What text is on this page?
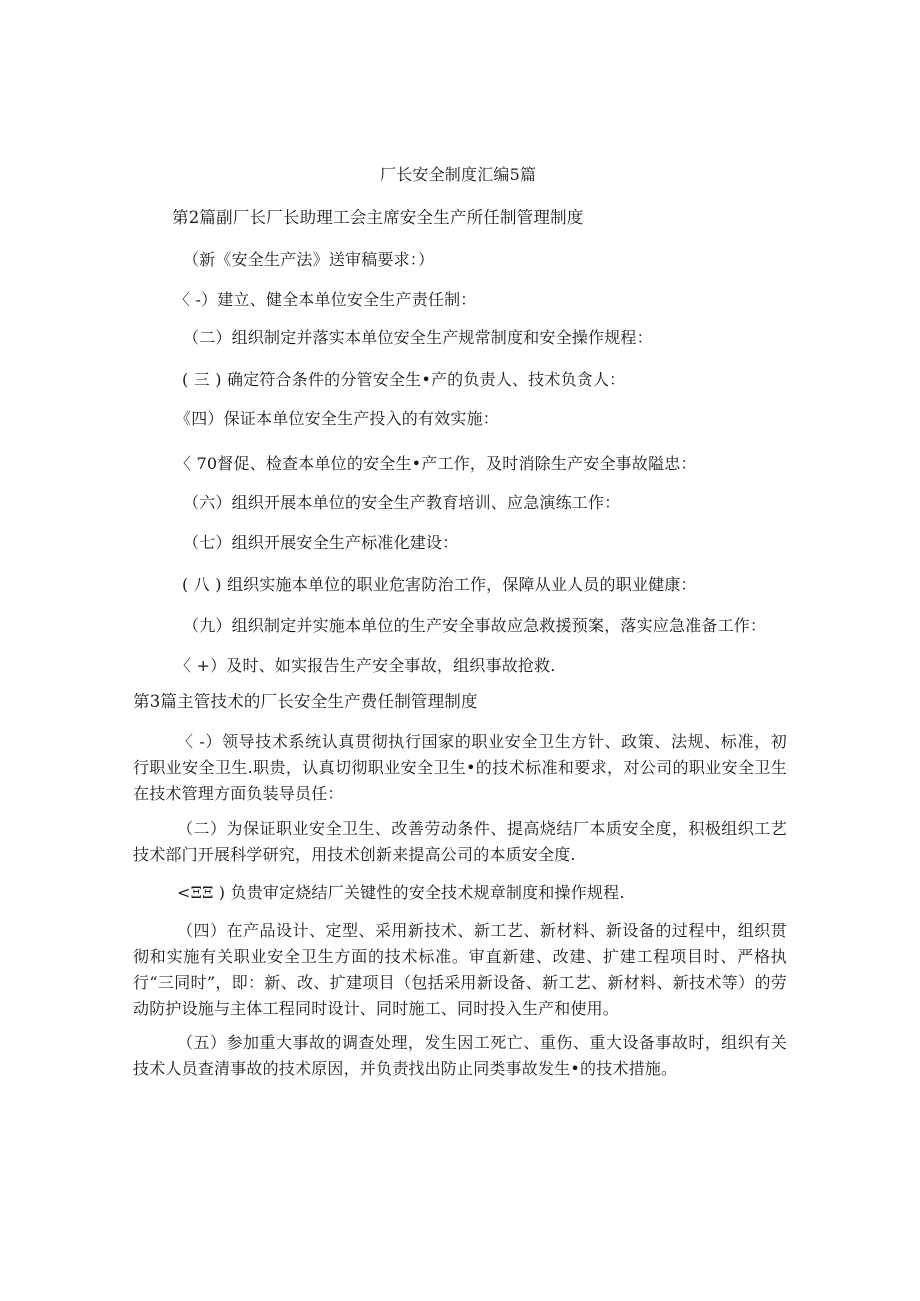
厂长安全制度汇编5篇

第2篇副厂长厂长助理工会主席安全生产所任制管理制度

（新《安全生产法》送审稿要求：）

〈 -）建立、健全本单位安全生产责任制：

（二）组织制定并落实本单位安全生产规常制度和安全操作规程：

( 三 ) 确定符合条件的分管安全生•产的负责人、技术负贪人：

《四）保证本单位安全生产投入的有效实施：

〈 70督促、检查本单位的安全生•产工作，及时消除生产安全事故隘忠：

（六）组织开展本单位的安全生产教育培训、应急演练工作：

（七）组织开展安全生产标准化建设：

( 八 ) 组织实施本单位的职业危害防治工作，保障从业人员的职业健康：

（九）组织制定并实施本单位的生产安全事故应急救援预案，落实应急准备工作：

〈 +）及时、如实报告生产安全事故，组织事故抢救.

第3篇主管技术的厂长安全生产费任制管理制度

〈 -）领导技术系统认真贯彻执行国家的职业安全卫生方针、政策、法规、标准，初行职业安全卫生.职贵，认真切彻职业安全卫生•的技术标准和要求，对公司的职业安全卫生在技术管理方面负装导员任：

（二）为保证职业安全卫生、改善劳动条件、提高烧结厂本质安全度，积极组织工艺技术部门开展科学研究，用技术创新来提高公司的本质安全度.

<ΞΞ ) 负贵审定烧结厂关键性的安全技术规章制度和操作规程.

（四）在产品设计、定型、采用新技术、新工艺、新材料、新设备的过程中，组织贯彻和实施有关职业安全卫生方面的技术标准。审直新建、改建、扩建工程项目时、严格执行“三同时”，即：新、改、扩建项目（包括采用新设备、新工艺、新材料、新技术等）的劳动防护设施与主体工程同时设计、同时施工、同时投入生产和使用。

（五）参加重大事故的调查处理，发生因工死亡、重伤、重大设备事故时，组织有关技术人员查清事故的技术原因，并负责找出防止同类事故发生•的技术措施。
